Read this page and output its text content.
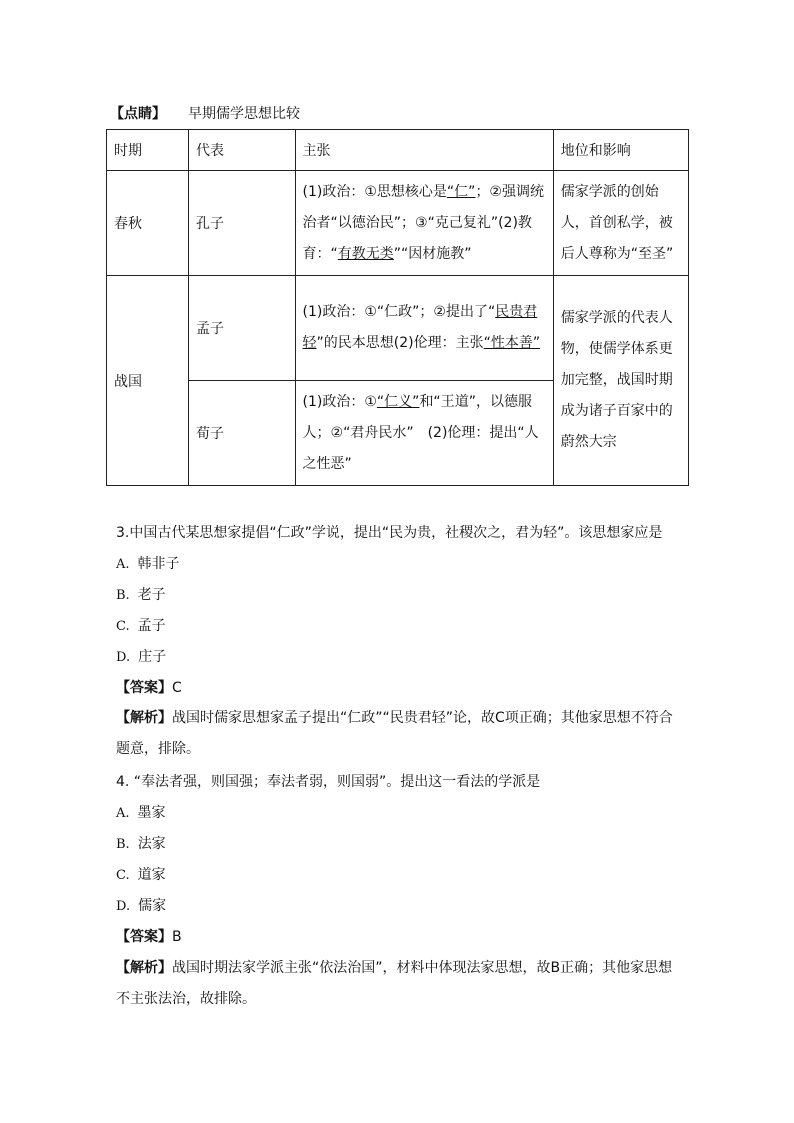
【点睛】 早期儒学思想比较
时期	代表	主张	地位和影响
春秋	孔子	(1)政治：①思想核心是“仁”；②强调统治者“以德治民”；③“克己复礼”(2)教育：“有教无类”“因材施教”	儒家学派的创始人，首创私学，被后人尊称为“至圣”
战国	孟子	(1)政治：①“仁政”；②提出了“民贵君轻”的民本思想(2)伦理：主张“性本善”	儒家学派的代表人物，使儒学体系更加完整，战国时期成为诸子百家中的蔚然大宗
	荀子	(1)政治：①“仁义”和“王道”，以德服人；②“君舟民水”　(2)伦理：提出“人之性恶”	
3.中国古代某思想家提倡“仁政”学说，提出“民为贵，社稷次之，君为轻”。该思想家应是
A. 韩非子
B. 老子
C. 孟子
D. 庄子
【答案】C
【解析】战国时儒家思想家孟子提出“仁政”“民贵君轻”论，故C项正确；其他家思想不符合题意，排除。
4. “奉法者强，则国强；奉法者弱，则国弱”。提出这一看法的学派是
A. 墨家
B. 法家
C. 道家
D. 儒家
【答案】B
【解析】战国时期法家学派主张“依法治国”，材料中体现法家思想，故B正确；其他家思想不主张法治，故排除。
